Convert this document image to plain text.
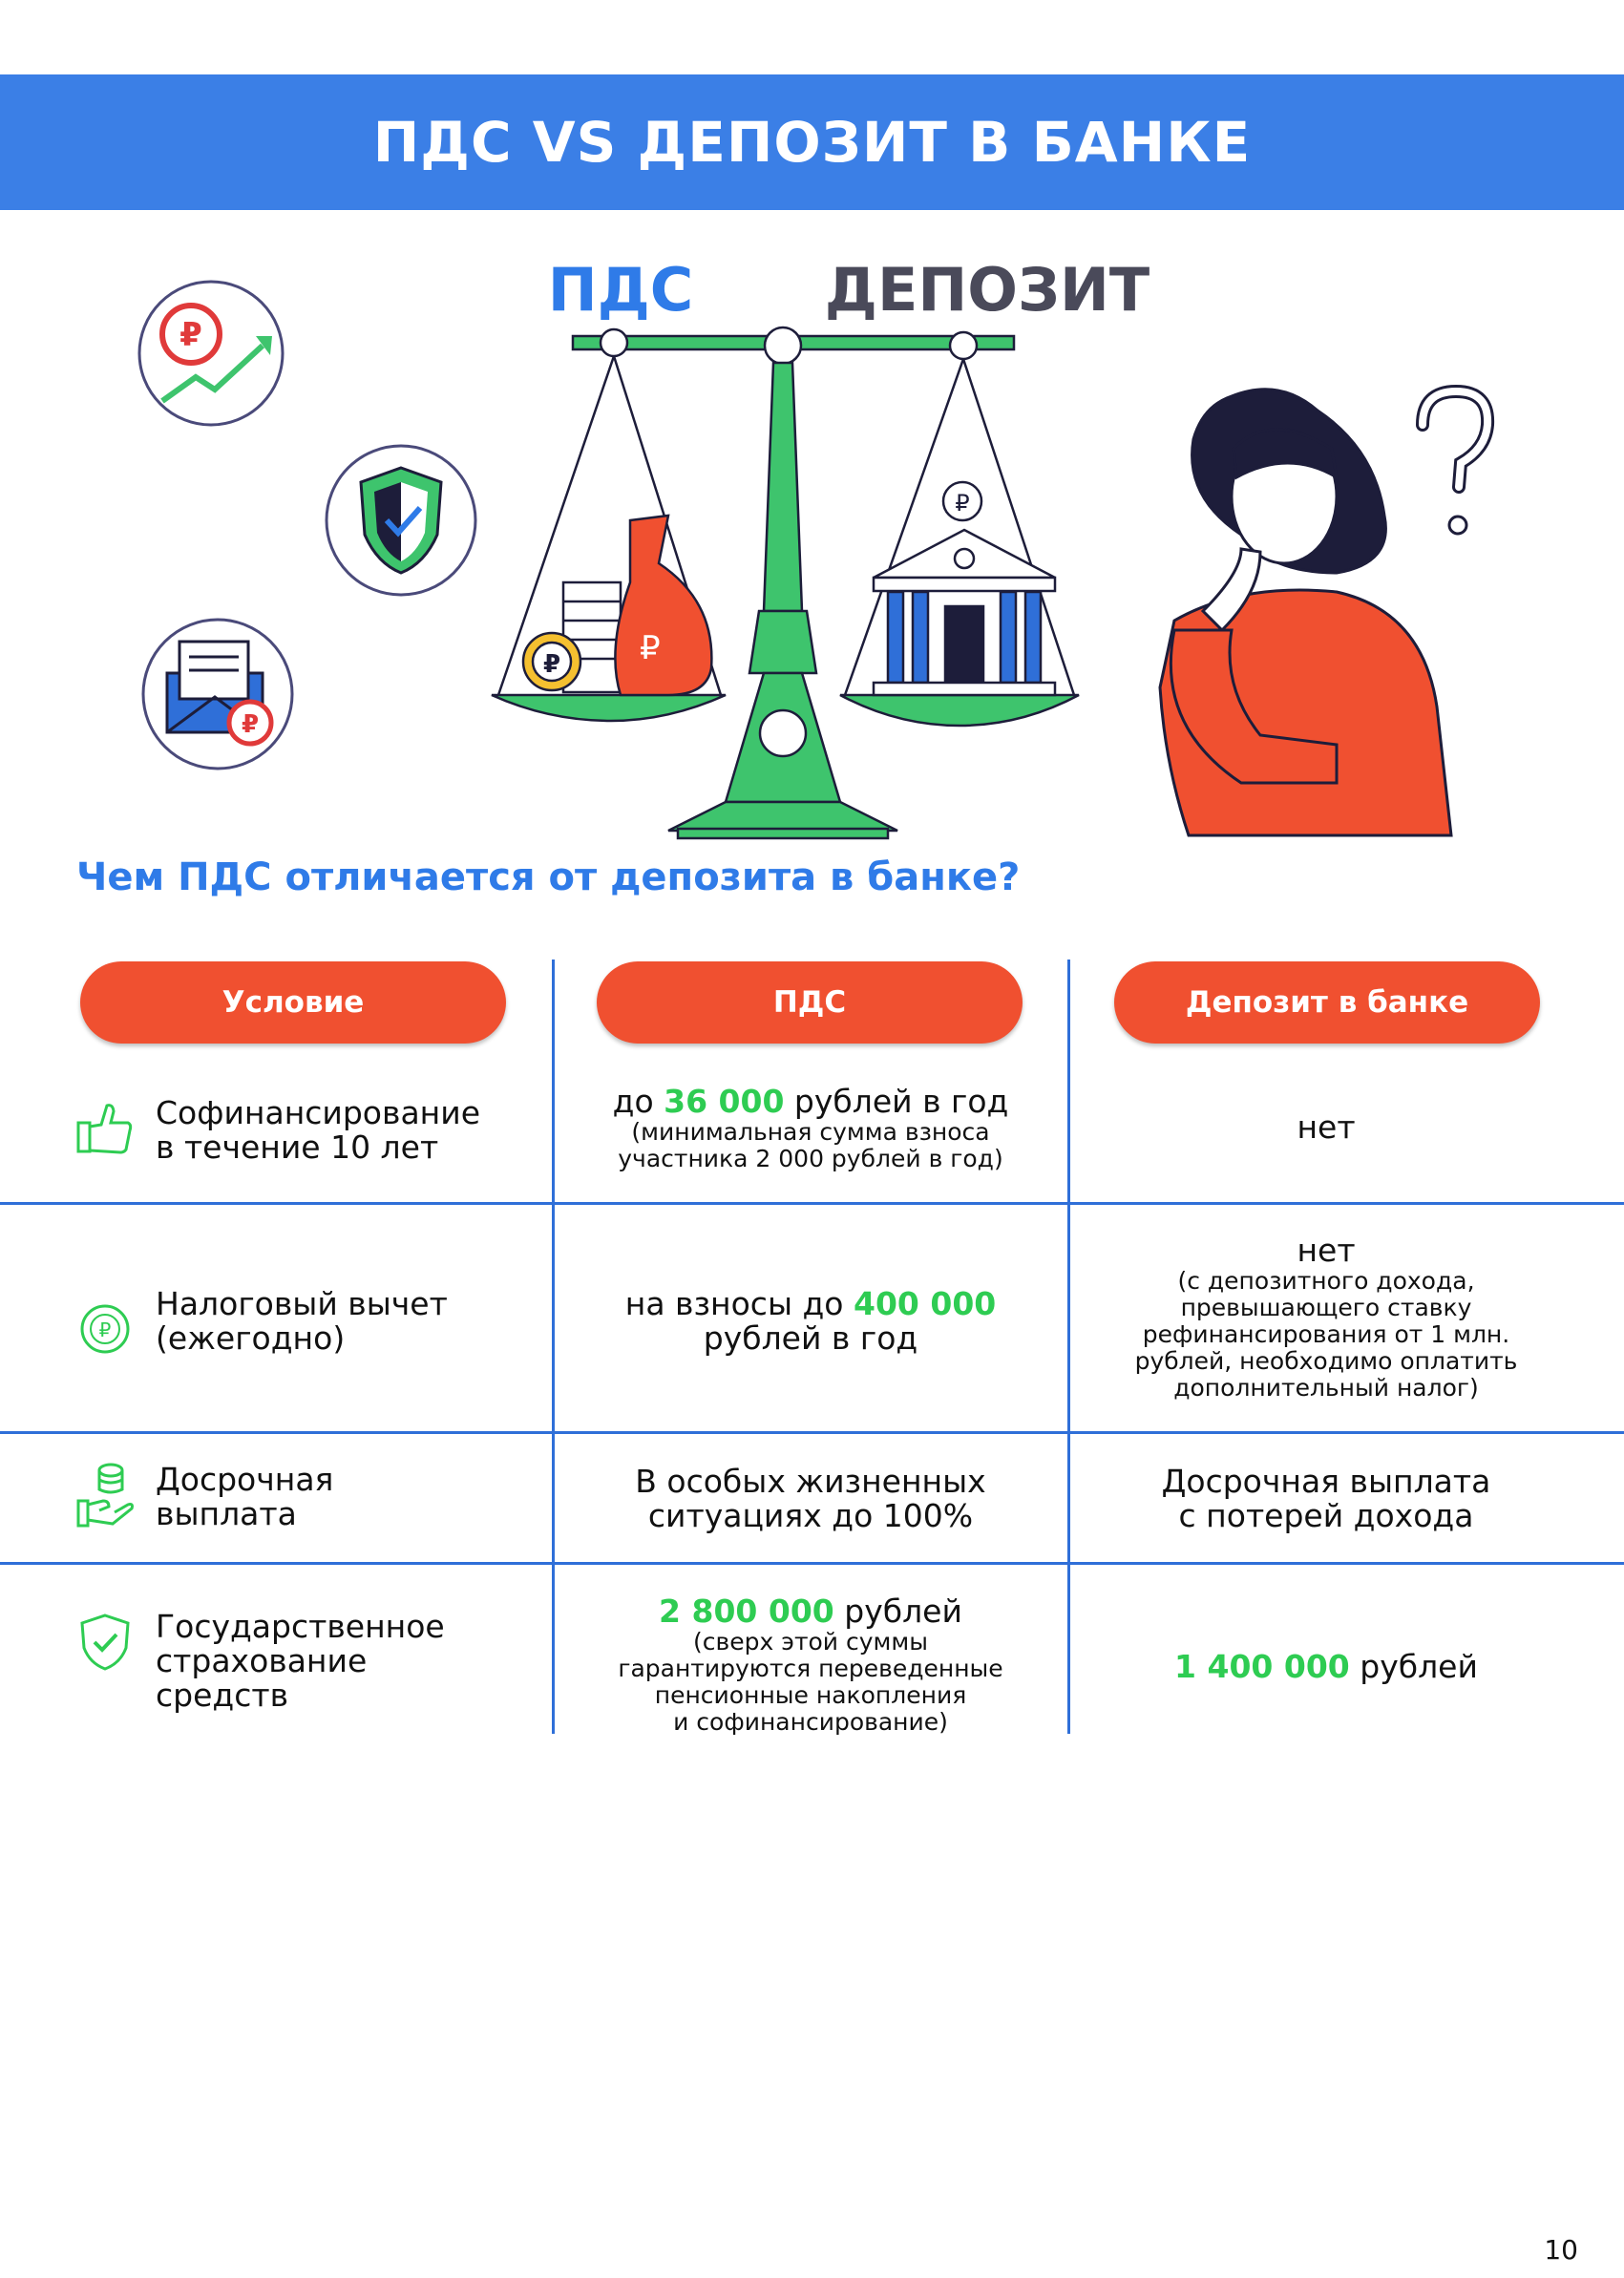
ПДС VS ДЕПОЗИТ В БАНКЕ
₽
₽
ПДС ДЕПОЗИТ
₽
₽
₽

Чем ПДС отличается от депозита в банке?

Условие	ПДС	Депозит в банке
Софинансирование
в течение 10 лет
до 36 000 рублей в год
(минимальная сумма взноса
участника 2 000 рублей в год)
нет
₽
Налоговый вычет
(ежегодно)
на взносы до 400 000
рублей в год
нет
(с депозитного дохода,
превышающего ставку
рефинансирования от 1 млн.
рублей, необходимо оплатить
дополнительный налог)
Досрочная
выплата
В особых жизненных
ситуациях до 100%
Досрочная выплата
с потерей дохода
Государственное
страхование
средств
2 800 000 рублей
(сверх этой суммы
гарантируются переведенные
пенсионные накопления
и софинансирование)
1 400 000 рублей
10
